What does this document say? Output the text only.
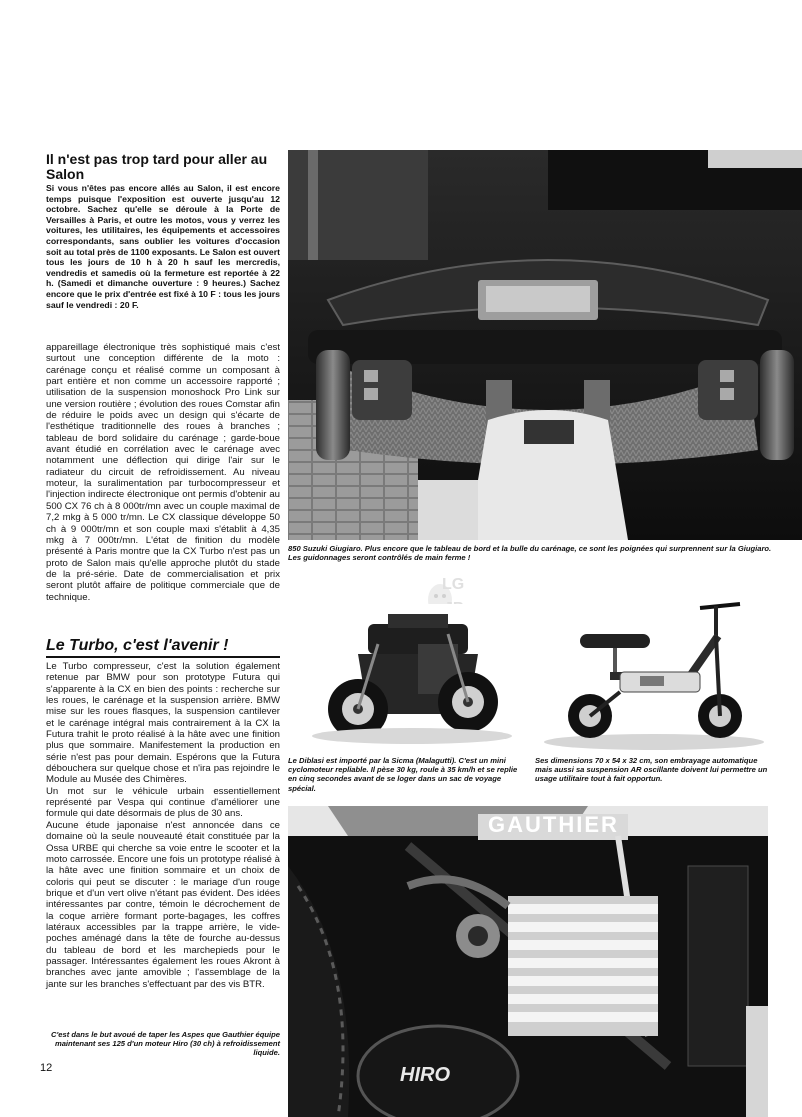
Il n'est pas trop tard pour aller au Salon
Si vous n'êtes pas encore allés au Salon, il est encore temps puisque l'exposition est ouverte jusqu'au 12 octobre. Sachez qu'elle se déroule à la Porte de Versailles à Paris, et outre les motos, vous y verrez les voitures, les utilitaires, les équipements et accessoires correspondants, sans oublier les voitures d'occasion soit au total près de 1100 exposants. Le Salon est ouvert tous les jours de 10 h à 20 h sauf les mercredis, vendredis et samedis où la fermeture est reportée à 22 h. (Samedi et dimanche ouverture : 9 heures.) Sachez encore que le prix d'entrée est fixé à 10 F : tous les jours sauf le vendredi : 20 F.
appareillage électronique très sophistiqué mais c'est surtout une conception différente de la moto : carénage conçu et réalisé comme un composant à part entière et non comme un accessoire rapporté ; utilisation de la suspension monoshock Pro Link sur une version routière ; évolution des roues Comstar afin de réduire le poids avec un design qui s'écarte de l'esthétique traditionnelle des roues à branches ; tableau de bord solidaire du carénage ; garde-boue avant étudié en corrélation avec le carénage avec notamment une déflection qui dirige l'air sur le radiateur du circuit de refroidissement. Au niveau moteur, la suralimentation par turbocompresseur et l'injection indirecte électronique ont permis d'obtenir au 500 CX 76 ch à 8 000tr/mn avec un couple maximal de 7,2 mkg à 5 000 tr/mn. Le CX classique développe 50 ch à 9 000tr/mn et son couple maxi s'établit à 4,35 mkg à 7 000tr/mn. L'état de finition du modèle présenté à Paris montre que la CX Turbo n'est pas un proto de Salon mais qu'elle approche plutôt du stade de la pré-série. Date de commercialisation et prix seront plutôt affaire de politique commerciale que de technique.
Le Turbo, c'est l'avenir !

Le Turbo compresseur, c'est la solution également retenue par BMW pour son prototype Futura qui s'apparente à la CX en bien des points : recherche sur les roues, le carénage et la suspension arrière. BMW mise sur les roues flasques, la suspension cantilever et le carénage intégral mais contrairement à la CX la Futura trahit le proto réalisé à la hâte avec une finition plus que sommaire. Manifestement la production en série n'est pas pour demain. Espérons que la Futura débouchera sur quelque chose et n'ira pas rejoindre le Module au Musée des Chimères.

Un mot sur le véhicule urbain essentiellement représenté par Vespa qui continue d'améliorer une formule qui date désormais de plus de 30 ans.

Aucune étude japonaise n'est annoncée dans ce domaine où la seule nouveauté était constituée par la Ossa URBE qui cherche sa voie entre le scooter et la moto carrossée. Encore une fois un prototype réalisé à la hâte avec une finition sommaire et un choix de coloris qui peut se discuter : le mariage d'un rouge brique et d'un vert olive n'étant pas évident. Des idées intéressantes par contre, témoin le décrochement de la coque arrière formant porte-bagages, les coffres latéraux accessibles par la trappe arrière, le vide-poches aménagé dans la tête de fourche au-dessus du tableau de bord et les marchepieds pour le passager. Intéressantes également les roues Akront à branches avec jante amovible ; l'assemblage de la jante sur les branches s'effectuant par des vis BTR.

C'est dans le but avoué de taper les Aspes que Gauthier équipe maintenant ses 125 d'un moteur Hiro (30 ch) à refroidissement liquide.
12
850 Suzuki Giugiaro. Plus encore que le tableau de bord et la bulle du carénage, ce sont les poignées qui surprennent sur la Giugiaro. Les guidonnages seront contrôlés de main ferme !
LG
Le Diblasi est importé par la Sicma (Malagutti). C'est un mini cyclomoteur repliable. Il pèse 30 kg, roule à 35 km/h et se replie en cinq secondes avant de se loger dans un sac de voyage spécial.
Ses dimensions 70 x 54 x 32 cm, son embrayage automatique mais aussi sa suspension AR oscillante doivent lui permettre un usage utilitaire tout à fait opportun.
GAUTHIER
HIRO
